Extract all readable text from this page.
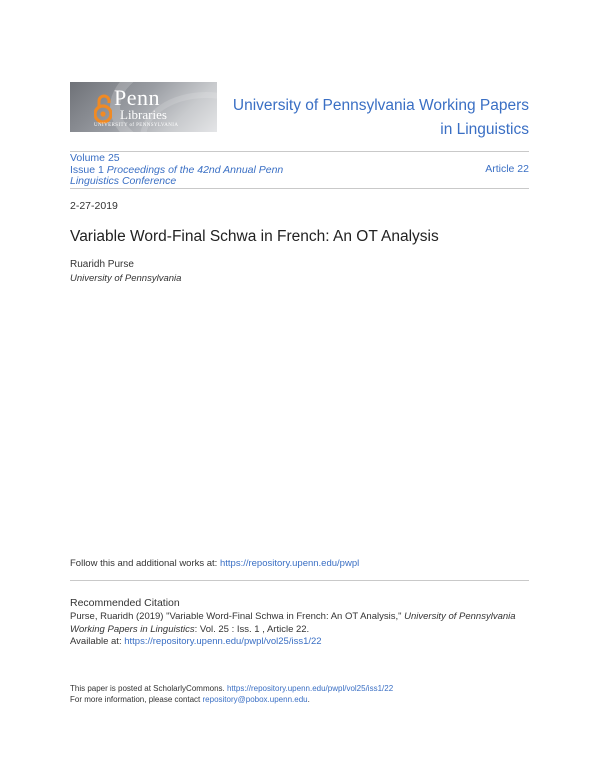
Penn
Libraries
UNIVERSITY of PENNSYLVANIA
University of Pennsylvania Working Papers
in Linguistics
Volume 25
Issue 1 Proceedings of the 42nd Annual Penn
Linguistics Conference
Article 22
2-27-2019
Variable Word-Final Schwa in French: An OT Analysis
Ruaridh Purse
University of Pennsylvania
Follow this and additional works at: https://repository.upenn.edu/pwpl
Recommended Citation
Purse, Ruaridh (2019) "Variable Word-Final Schwa in French: An OT Analysis," University of Pennsylvania
Working Papers in Linguistics: Vol. 25 : Iss. 1 , Article 22.
Available at: https://repository.upenn.edu/pwpl/vol25/iss1/22
This paper is posted at ScholarlyCommons. https://repository.upenn.edu/pwpl/vol25/iss1/22
For more information, please contact repository@pobox.upenn.edu.
